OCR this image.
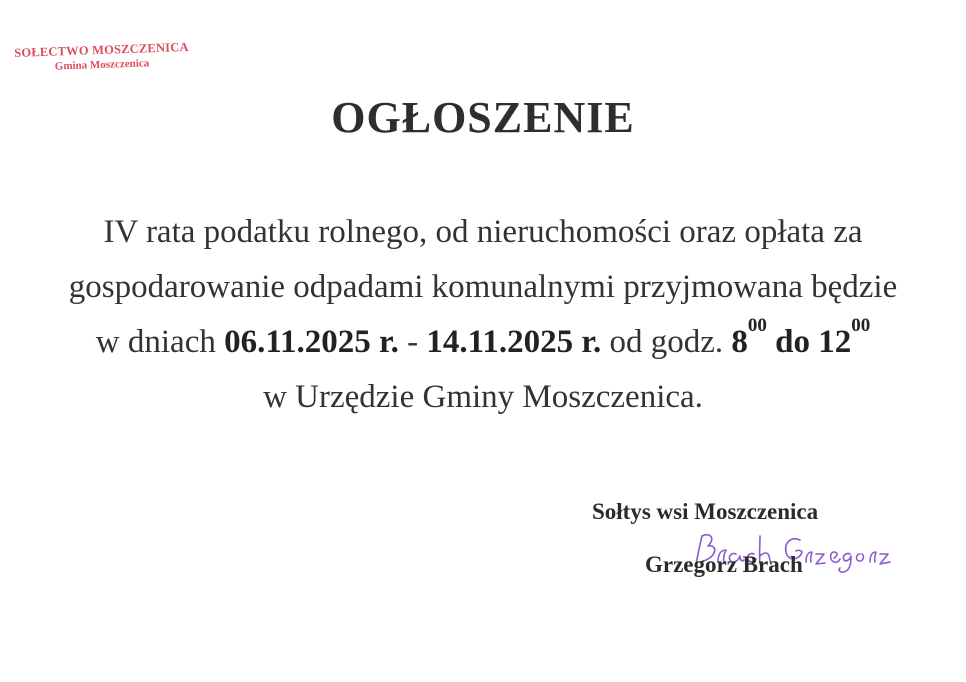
SOŁECTWO MOSZCZENICA
Gmina Moszczenica
OGŁOSZENIE
IV rata podatku rolnego, od nieruchomości oraz opłata za
gospodarowanie odpadami komunalnymi przyjmowana będzie
w dniach 06.11.2025 r. - 14.11.2025 r. od godz. $8^{00}$ do $12^{00}$
w Urzędzie Gminy Moszczenica.
Sołtys wsi Moszczenica
Grzegorz Brach
